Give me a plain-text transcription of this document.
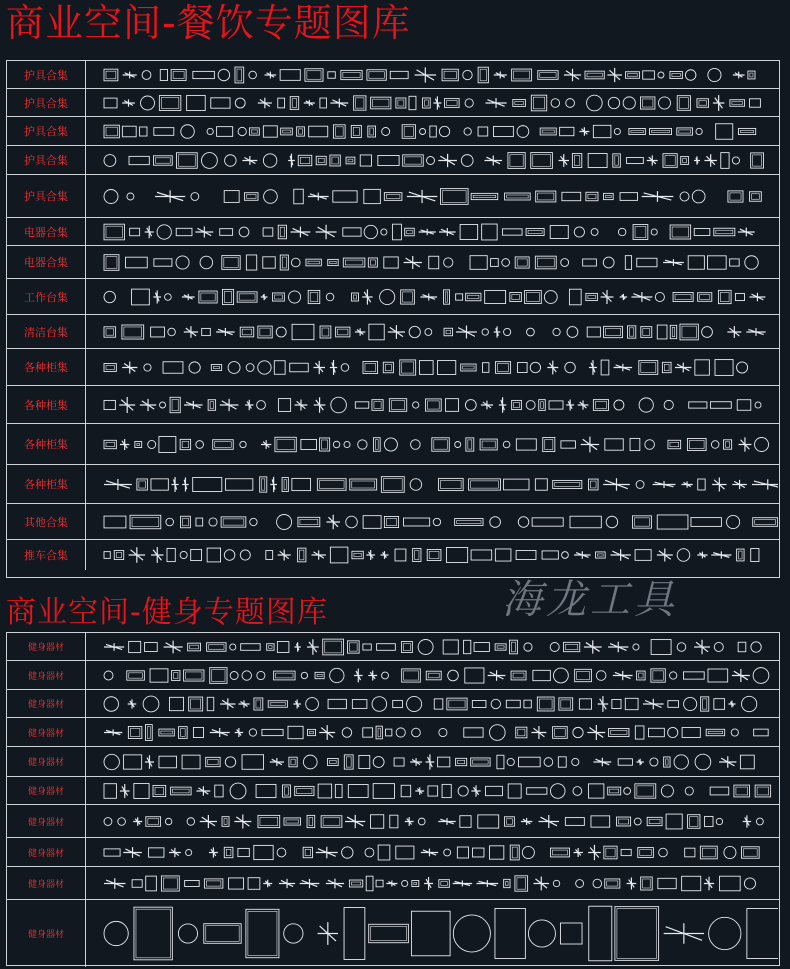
商业空间-餐饮专题图库
护具合集
护具合集
护具合集
护具合集
护具合集
电器合集
电器合集
工作台集
清洁台集
各种柜集
各种柜集
各种柜集
各种柜集
其他合集
推车合集
商业空间-健身专题图库
健身器材
健身器材
健身器材
健身器材
健身器材
健身器材
健身器材
健身器材
健身器材
健身器材
海龙工具
